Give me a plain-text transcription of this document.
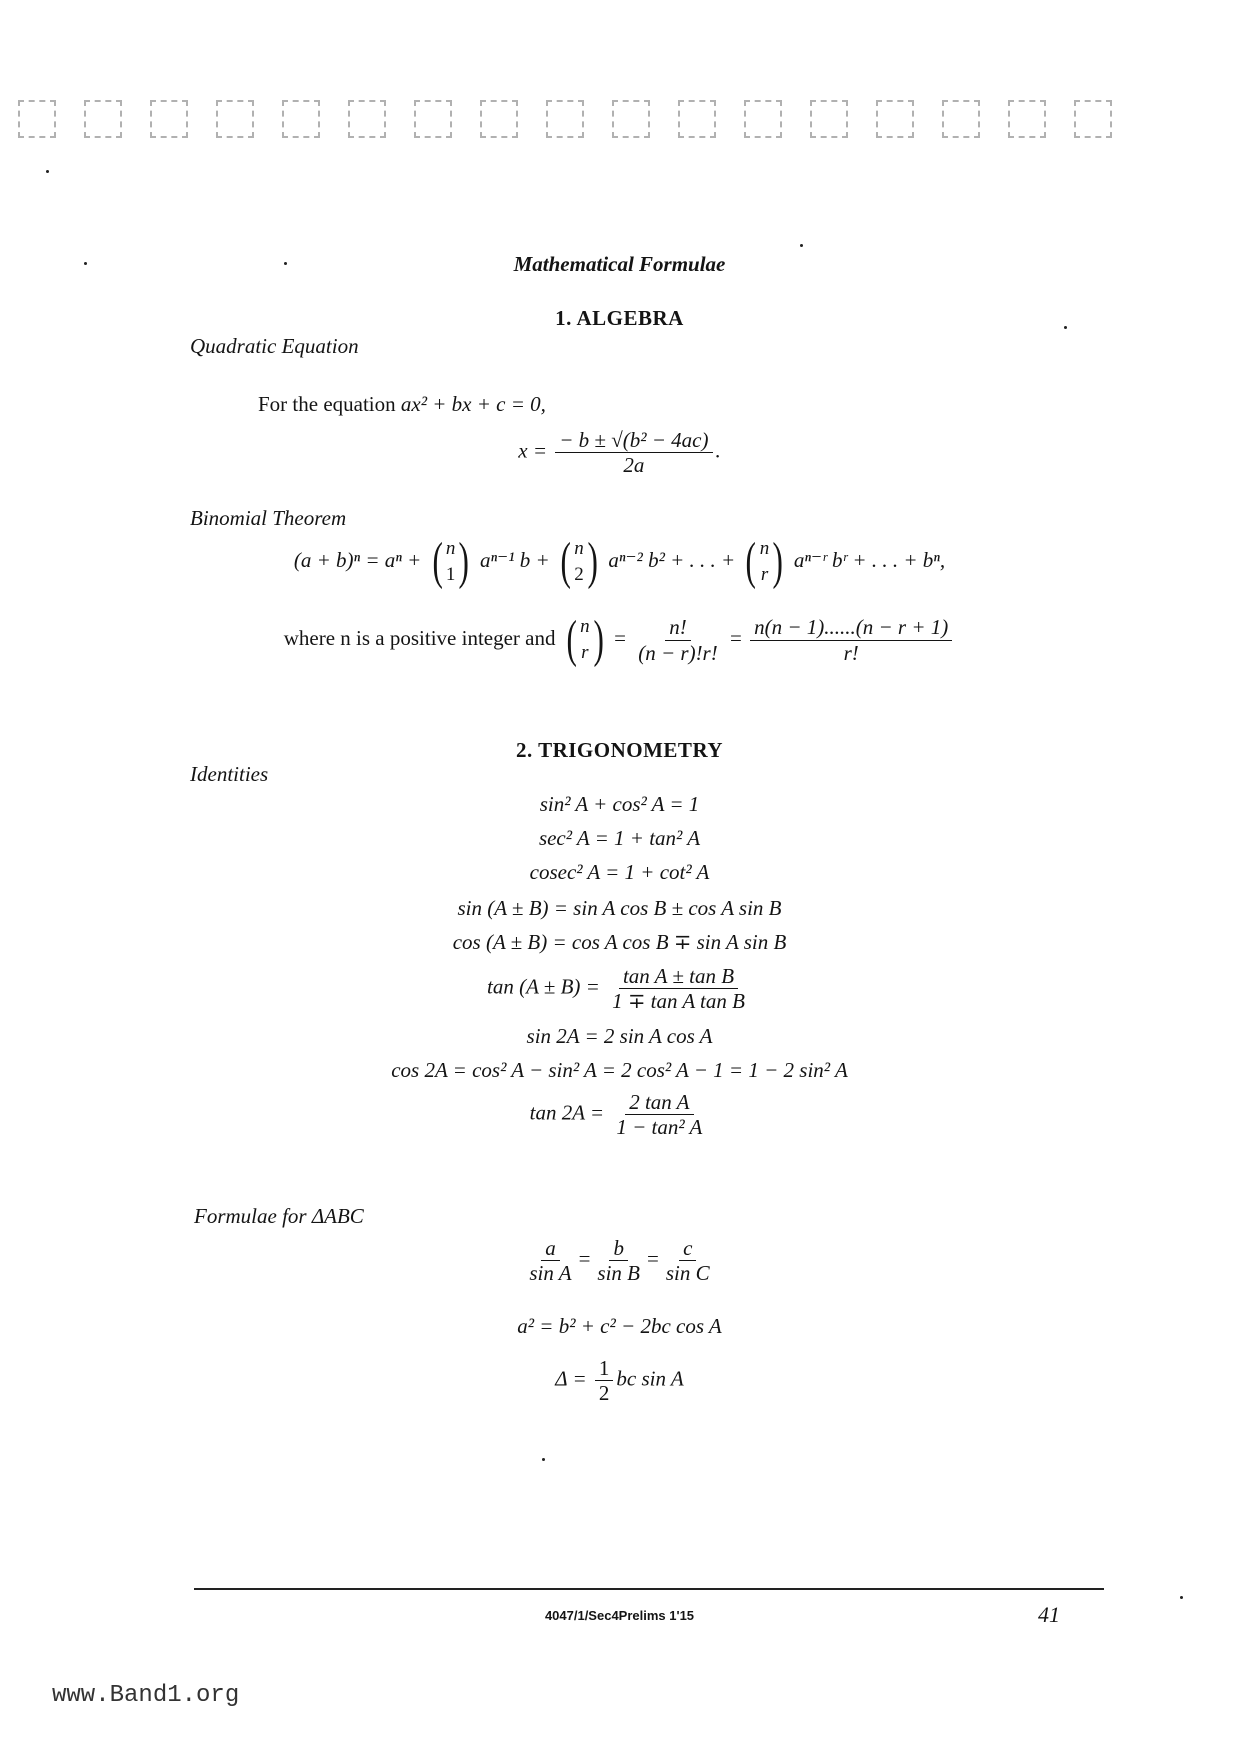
Mathematical Formulae
1. ALGEBRA
Quadratic Equation
For the equation ax² + bx + c = 0,
$x = \frac{\text{− b ± √(b² − 4ac)}}{2a}$ .
Binomial Theorem
(a + b)ⁿ = aⁿ + ( n
1 ) aⁿ⁻¹ b + ( n
2 ) aⁿ⁻² b² + . . . + ( n
r ) aⁿ⁻ʳ bʳ + . . . + bⁿ,
where n is a positive integer and ( n
r ) = $\frac{n!}{(n - r)!r!} = \frac{n(n - 1)......(n - r + 1)}{r!}$
2. TRIGONOMETRY
Identities
sin² A + cos² A = 1
sec² A = 1 + tan² A
cosec² A = 1 + cot² A
sin (A ± B) = sin A cos B ± cos A sin B
cos (A ± B) = cos A cos B ∓ sin A sin B
$\tan (A \pm B) = \frac{\text{tan A ± tan B}}{\text{1 ∓ tan A tan B}}$
sin 2A = 2 sin A cos A
cos 2A = cos² A − sin² A = 2 cos² A − 1 = 1 − 2 sin² A
$\tan 2A = \frac{\text{2 tan A}}{\text{1 − tan² A}}$
Formulae for ΔABC
$\frac{a}{\text{sin A}} = \frac{b}{\text{sin B}} = \frac{c}{\text{sin C}}$
a² = b² + c² − 2bc cos A
$\Delta = \frac{1}{2}$ bc sin A
4047/1/Sec4Prelims 1'15	41
www.Band1.org
